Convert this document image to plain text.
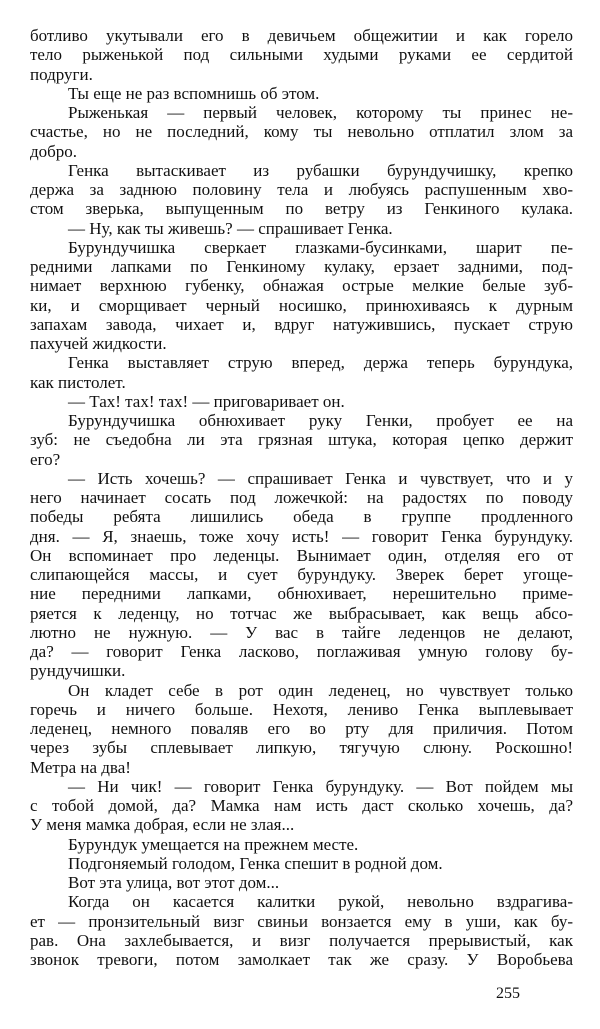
ботливо укутывали его в девичьем общежитии и как горело
тело рыженькой под сильными худыми руками ее сердитой
подруги.
Ты еще не раз вспомнишь об этом.
Рыженькая — первый человек, которому ты принес не-
счастье, но не последний, кому ты невольно отплатил злом за
добро.
Генка вытаскивает из рубашки бурундучишку, крепко
держа за заднюю половину тела и любуясь распушенным хво-
стом зверька, выпущенным по ветру из Генкиного кулака.
— Ну, как ты живешь? — спрашивает Генка.
Бурундучишка сверкает глазками-бусинками, шарит пе-
редними лапками по Генкиному кулаку, ерзает задними, под-
нимает верхнюю губенку, обнажая острые мелкие белые зуб-
ки, и сморщивает черный носишко, принюхиваясь к дурным
запахам завода, чихает и, вдруг натужившись, пускает струю
пахучей жидкости.
Генка выставляет струю вперед, держа теперь бурундука,
как пистолет.
— Тах! тах! тах! — приговаривает он.
Бурундучишка обнюхивает руку Генки, пробует ее на
зуб: не съедобна ли эта грязная штука, которая цепко держит
его?
— Исть хочешь? — спрашивает Генка и чувствует, что и у
него начинает сосать под ложечкой: на радостях по поводу
победы ребята лишились обеда в группе продленного
дня. — Я, знаешь, тоже хочу исть! — говорит Генка бурундуку.
Он вспоминает про леденцы. Вынимает один, отделяя его от
слипающейся массы, и сует бурундуку. Зверек берет угоще-
ние передними лапками, обнюхивает, нерешительно приме-
ряется к леденцу, но тотчас же выбрасывает, как вещь абсо-
лютно не нужную. — У вас в тайге леденцов не делают,
да? — говорит Генка ласково, поглаживая умную голову бу-
рундучишки.
Он кладет себе в рот один леденец, но чувствует только
горечь и ничего больше. Нехотя, лениво Генка выплевывает
леденец, немного поваляв его во рту для приличия. Потом
через зубы сплевывает липкую, тягучую слюну. Роскошно!
Метра на два!
— Ни чик! — говорит Генка бурундуку. — Вот пойдем мы
с тобой домой, да? Мамка нам исть даст сколько хочешь, да?
У меня мамка добрая, если не злая...
Бурундук умещается на прежнем месте.
Подгоняемый голодом, Генка спешит в родной дом.
Вот эта улица, вот этот дом...
Когда он касается калитки рукой, невольно вздрагива-
ет — пронзительный визг свиньи вонзается ему в уши, как бу-
рав. Она захлебывается, и визг получается прерывистый, как
звонок тревоги, потом замолкает так же сразу. У Воробьева
255
